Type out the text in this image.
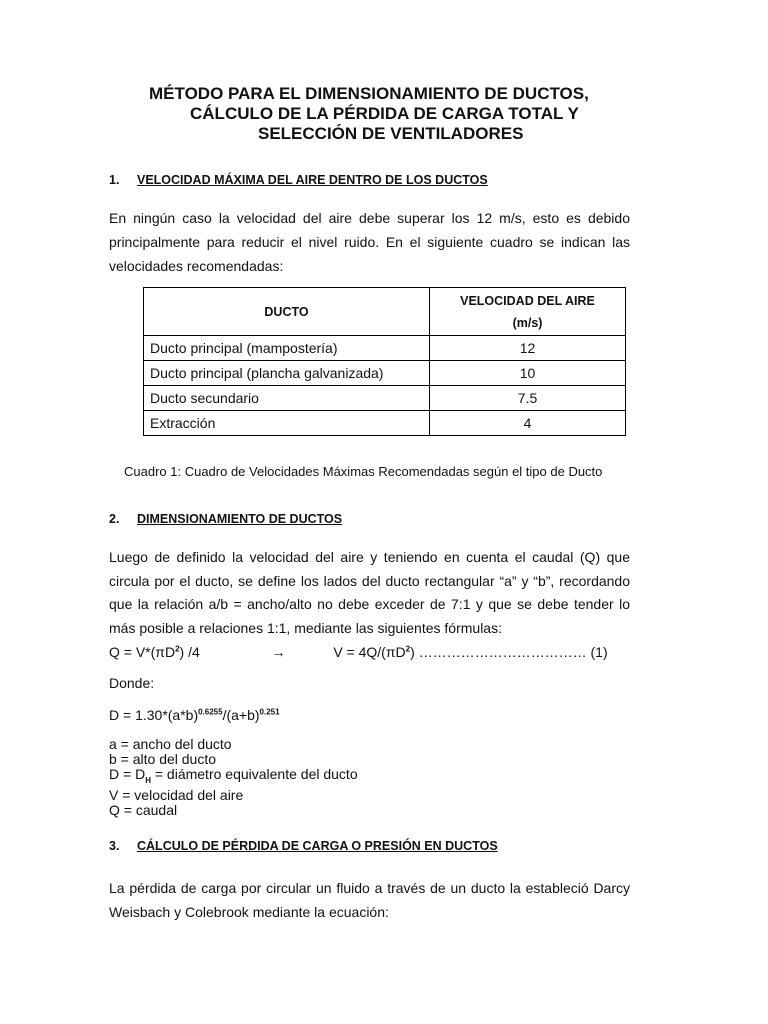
MÉTODO PARA EL DIMENSIONAMIENTO DE DUCTOS,
CÁLCULO DE LA PÉRDIDA DE CARGA TOTAL Y
SELECCIÓN DE VENTILADORES
1. VELOCIDAD MÁXIMA DEL AIRE DENTRO DE LOS DUCTOS
En ningún caso la velocidad del aire debe superar los 12 m/s, esto es debido principalmente para reducir el nivel ruido. En el siguiente cuadro se indican las velocidades recomendadas:
DUCTO	VELOCIDAD DEL AIRE
(m/s)

Ducto principal (mampostería)	12
Ducto principal (plancha galvanizada)	10
Ducto secundario	7.5
Extracción	4
Cuadro 1: Cuadro de Velocidades Máximas Recomendadas según el tipo de Ducto
2. DIMENSIONAMIENTO DE DUCTOS
Luego de definido la velocidad del aire y teniendo en cuenta el caudal (Q) que circula por el ducto, se define los lados del ducto rectangular “a” y “b”, recordando que la relación a/b = ancho/alto no debe exceder de 7:1 y que se debe tender lo más posible a relaciones 1:1, mediante las siguientes fórmulas:
$Q = V*(\pi D^2)$ /4	→	$V = 4Q/(\pi D^2)$ ……………………………… (1)
Donde:
$D = 1.30*(a*b)^{0.6255}/(a+b)^{0.251}$
a = ancho del ducto
b = alto del ducto
$D = D_H$ = diámetro equivalente del ducto
V = velocidad del aire
Q = caudal
3. CÁLCULO DE PÉRDIDA DE CARGA O PRESIÓN EN DUCTOS
La pérdida de carga por circular un fluido a través de un ducto la estableció Darcy Weisbach y Colebrook mediante la ecuación:
